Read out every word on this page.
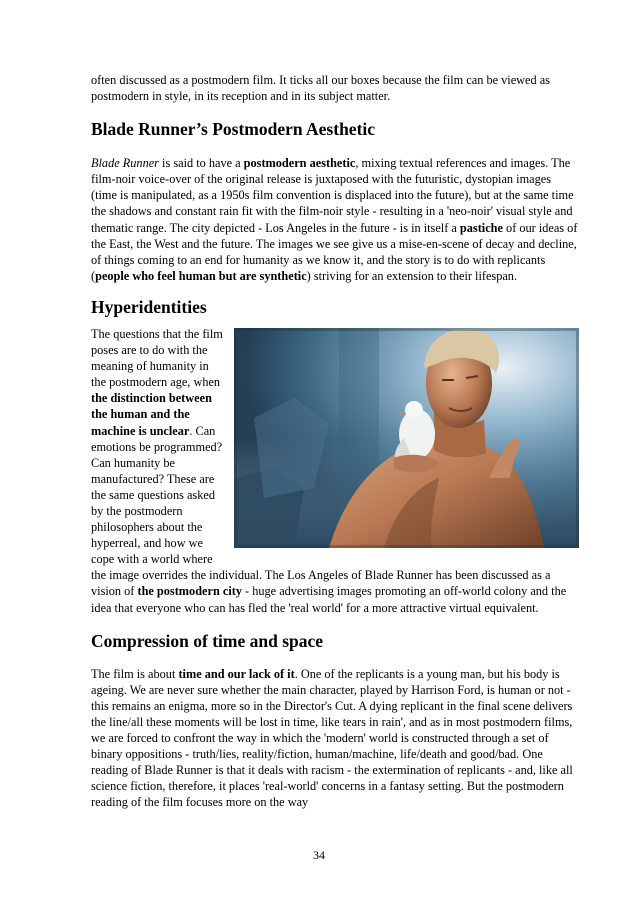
often discussed as a postmodern film. It ticks all our boxes because the film can be viewed as postmodern in style, in its reception and in its subject matter.

Blade Runner’s Postmodern Aesthetic

Blade Runner is said to have a postmodern aesthetic, mixing textual references and images. The film-noir voice-over of the original release is juxtaposed with the futuristic, dystopian images (time is manipulated, as a 1950s film convention is displaced into the future), but at the same time the shadows and constant rain fit with the film-noir style - resulting in a 'neo-noir' visual style and thematic range. The city depicted - Los Angeles in the future - is in itself a pastiche of our ideas of the East, the West and the future. The images we see give us a mise-en-scene of decay and decline, of things coming to an end for humanity as we know it, and the story is to do with replicants (people who feel human but are synthetic) striving for an extension to their lifespan.

Hyperidentities

The questions that the film poses are to do with the meaning of humanity in the postmodern age, when the distinction between the human and the machine is unclear. Can emotions be programmed? Can humanity be manufactured? These are the same questions asked by the postmodern philosophers about the hyperreal, and how we cope with a world where the image overrides the individual. The Los Angeles of Blade Runner has been discussed as a vision of the postmodern city - huge advertising images promoting an off-world colony and the idea that everyone who can has fled the 'real world' for a more attractive virtual equivalent.

Compression of time and space

The film is about time and our lack of it. One of the replicants is a young man, but his body is ageing. We are never sure whether the main character, played by Harrison Ford, is human or not - this remains an enigma, more so in the Director's Cut. A dying replicant in the final scene delivers the line/all these moments will be lost in time, like tears in rain', and as in most postmodern films, we are forced to confront the way in which the 'modern' world is constructed through a set of binary oppositions - truth/lies, reality/fiction, human/machine, life/death and good/bad. One reading of Blade Runner is that it deals with racism - the extermination of replicants - and, like all science fiction, therefore, it places 'real-world' concerns in a fantasy setting. But the postmodern reading of the film focuses more on the way

34
